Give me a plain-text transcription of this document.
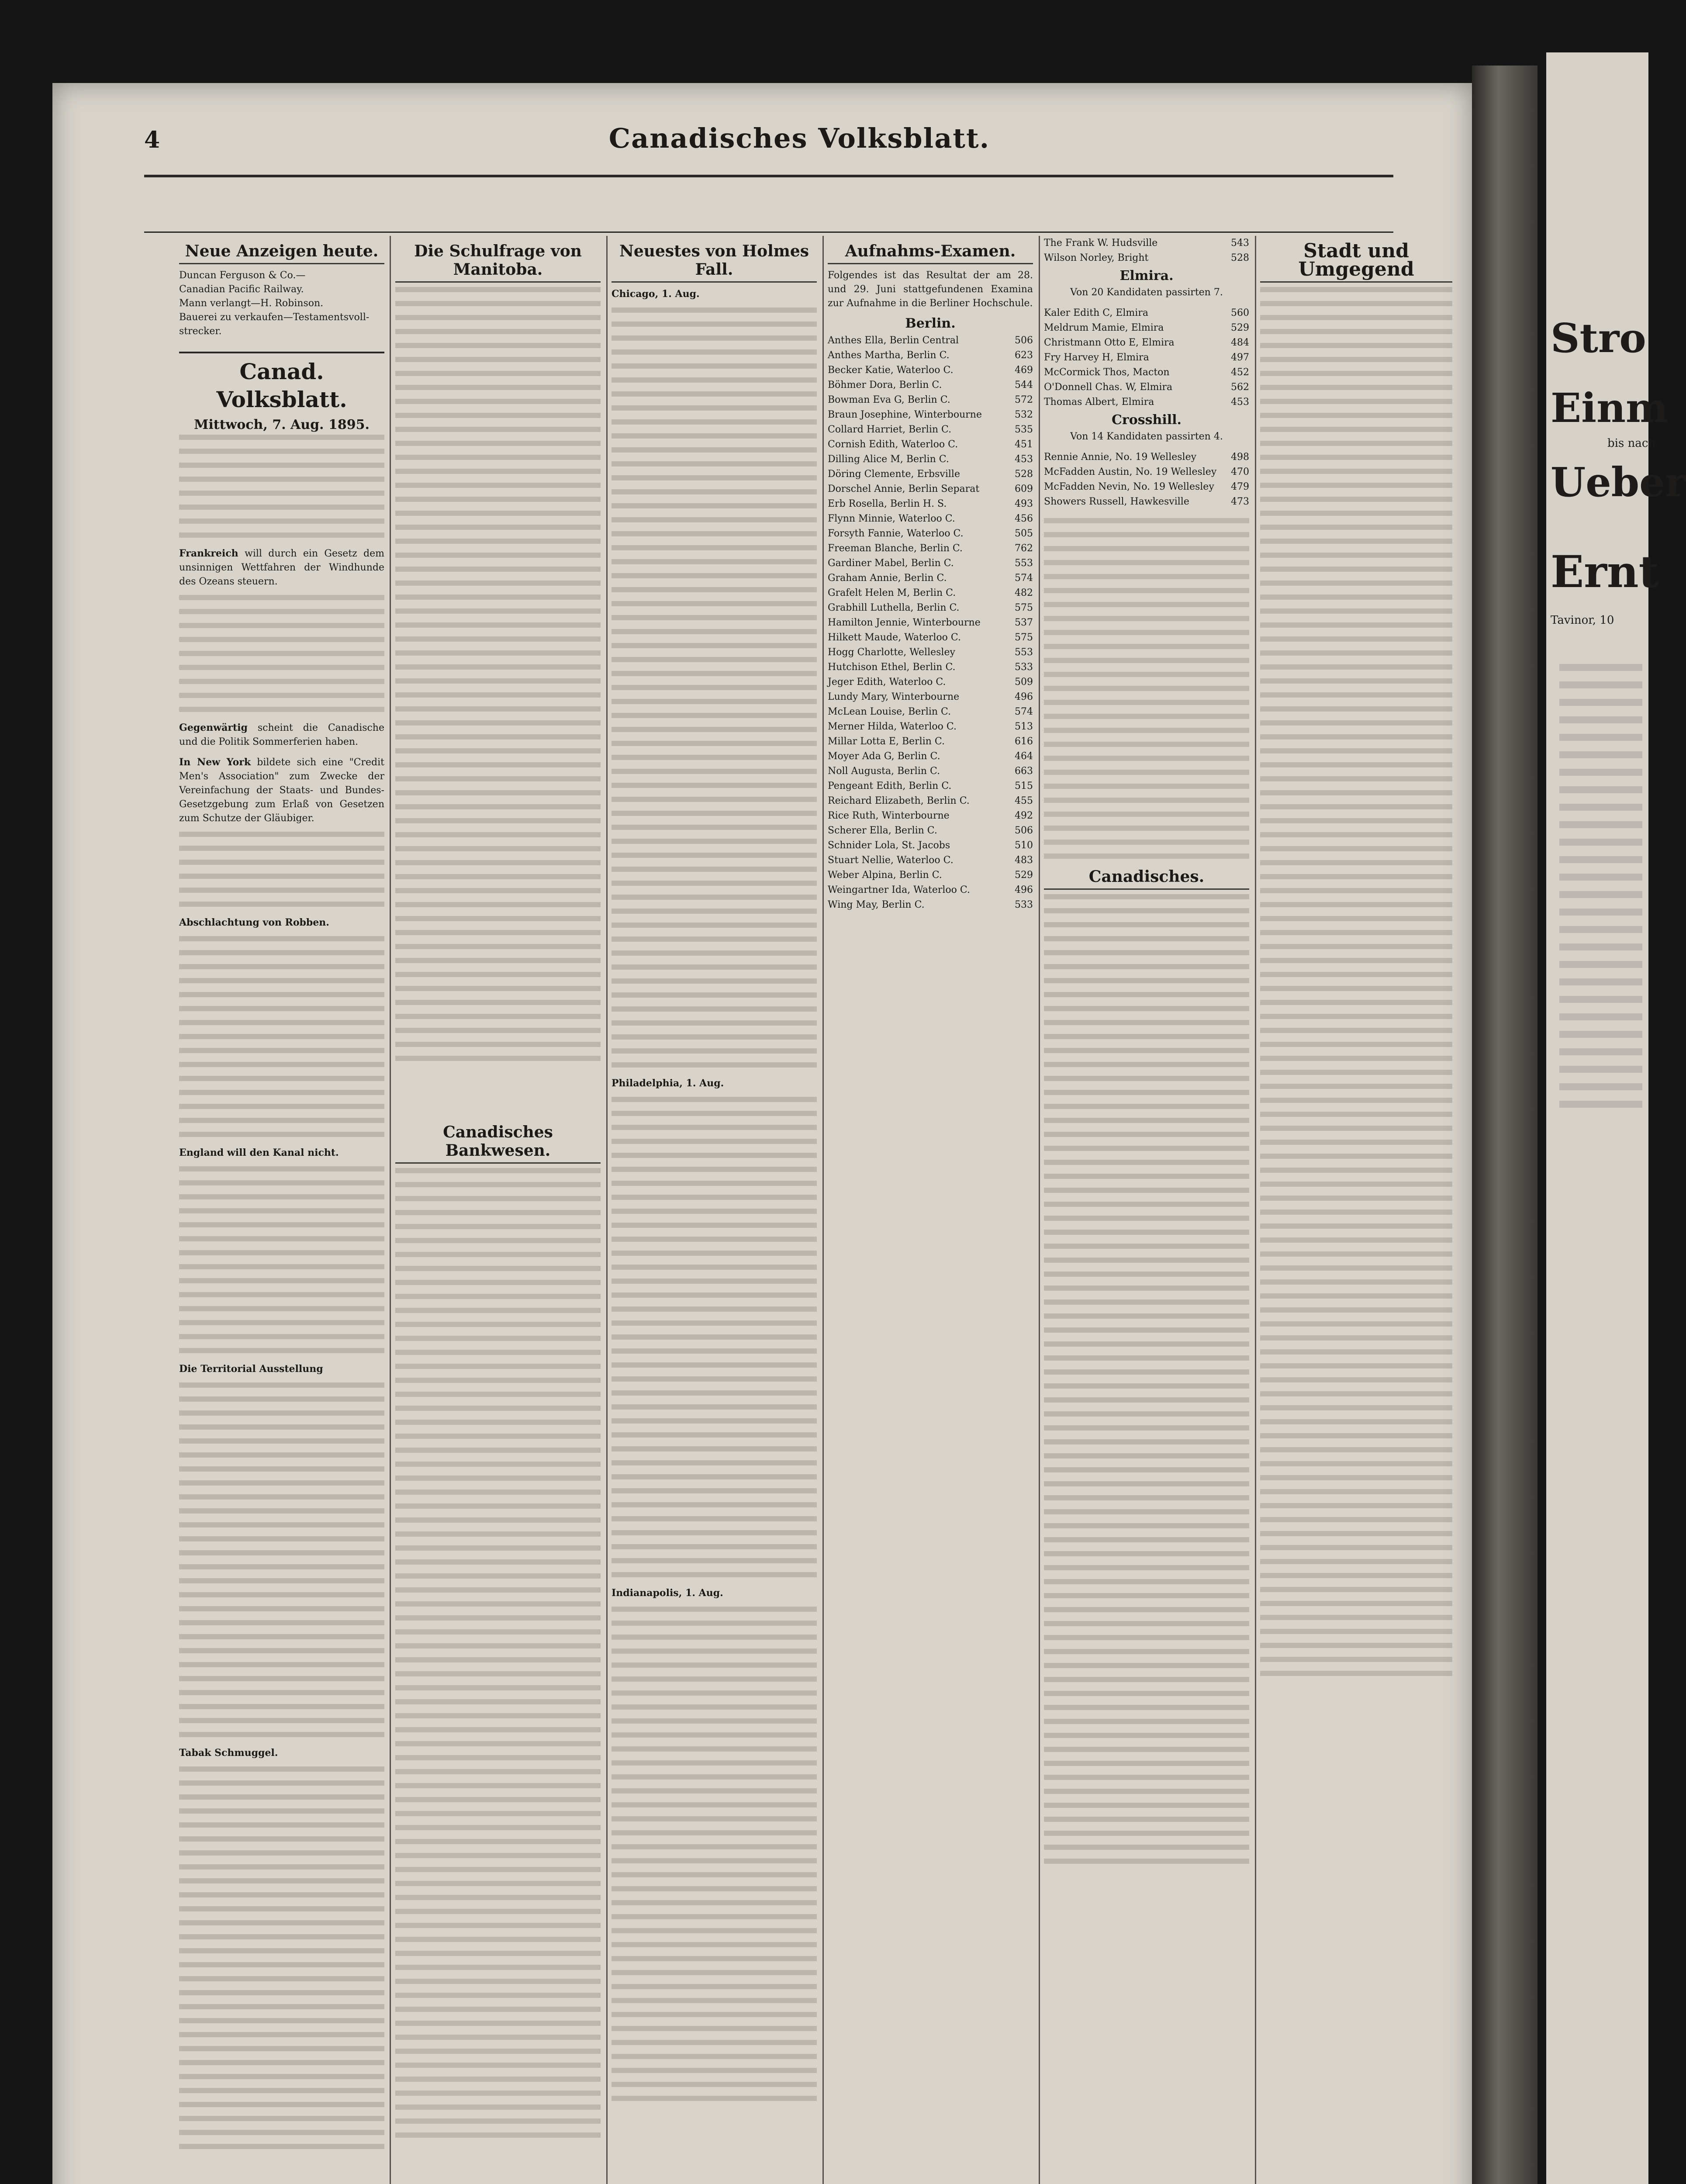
Stro
Einm
bis nach
Ueber
Ernt
Tavinor, 10
4	Canadisches Volksblatt.
Neue Anzeigen heute.
Duncan Ferguson & Co.—
Canadian Pacific Railway.
Mann verlangt—H. Robinson.
Bauerei zu verkaufen—Testamentsvoll-strecker.
Canad. Volksblatt.
Mittwoch, 7. Aug. 1895.

Frankreich will durch ein Gesetz dem unsinnigen Wettfahren der Windhunde des Ozeans steuern.

Gegenwärtig scheint die Canadische und die Politik Sommerferien haben.

In New York bildete sich eine "Credit Men's Association" zum Zwecke der Vereinfachung der Staats- und Bundes-Gesetzgebung zum Erlaß von Gesetzen zum Schutze der Gläubiger.

Abschlachtung von Robben.

England will den Kanal nicht.

Die Territorial Ausstellung

Tabak Schmuggel.

Die Schulfrage von Manitoba.
Canadisches Bankwesen.
Neuestes von Holmes Fall.

Chicago, 1. Aug.

Philadelphia, 1. Aug.

Indianapolis, 1. Aug.

Aufnahms-Examen.

Folgendes ist das Resultat der am 28. und 29. Juni stattgefundenen Examina zur Aufnahme in die Berliner Hochschule.

Berlin.
Anthes Ella, Berlin Central	506
Anthes Martha, Berlin C.	623
Becker Katie, Waterloo C.	469
Böhmer Dora, Berlin C.	544
Bowman Eva G, Berlin C.	572
Braun Josephine, Winterbourne	532
Collard Harriet, Berlin C.	535
Cornish Edith, Waterloo C.	451
Dilling Alice M, Berlin C.	453
Döring Clemente, Erbsville	528
Dorschel Annie, Berlin Separat	609
Erb Rosella, Berlin H. S.	493
Flynn Minnie, Waterloo C.	456
Forsyth Fannie, Waterloo C.	505
Freeman Blanche, Berlin C.	762
Gardiner Mabel, Berlin C.	553
Graham Annie, Berlin C.	574
Grafelt Helen M, Berlin C.	482
Grabhill Luthella, Berlin C.	575
Hamilton Jennie, Winterbourne	537
Hilkett Maude, Waterloo C.	575
Hogg Charlotte, Wellesley	553
Hutchison Ethel, Berlin C.	533
Jeger Edith, Waterloo C.	509
Lundy Mary, Winterbourne	496
McLean Louise, Berlin C.	574
Merner Hilda, Waterloo C.	513
Millar Lotta E, Berlin C.	616
Moyer Ada G, Berlin C.	464
Noll Augusta, Berlin C.	663
Pengeant Edith, Berlin C.	515
Reichard Elizabeth, Berlin C.	455
Rice Ruth, Winterbourne	492
Scherer Ella, Berlin C.	506
Schnider Lola, St. Jacobs	510
Stuart Nellie, Waterloo C.	483
Weber Alpina, Berlin C.	529
Weingartner Ida, Waterloo C.	496
Wing May, Berlin C.	533
The Frank W. Hudsville	543
Wilson Norley, Bright	528
Elmira.

Von 20 Kandidaten passirten 7.

Kaler Edith C, Elmira	560
Meldrum Mamie, Elmira	529
Christmann Otto E, Elmira	484
Fry Harvey H, Elmira	497
McCormick Thos, Macton	452
O'Donnell Chas. W, Elmira	562
Thomas Albert, Elmira	453
Crosshill.

Von 14 Kandidaten passirten 4.

Rennie Annie, No. 19 Wellesley	498
McFadden Austin, No. 19 Wellesley 470
McFadden Nevin, No. 19 Wellesley 479
Showers Russell, Hawkesville	473
Canadisches.
Stadt und Umgegend
